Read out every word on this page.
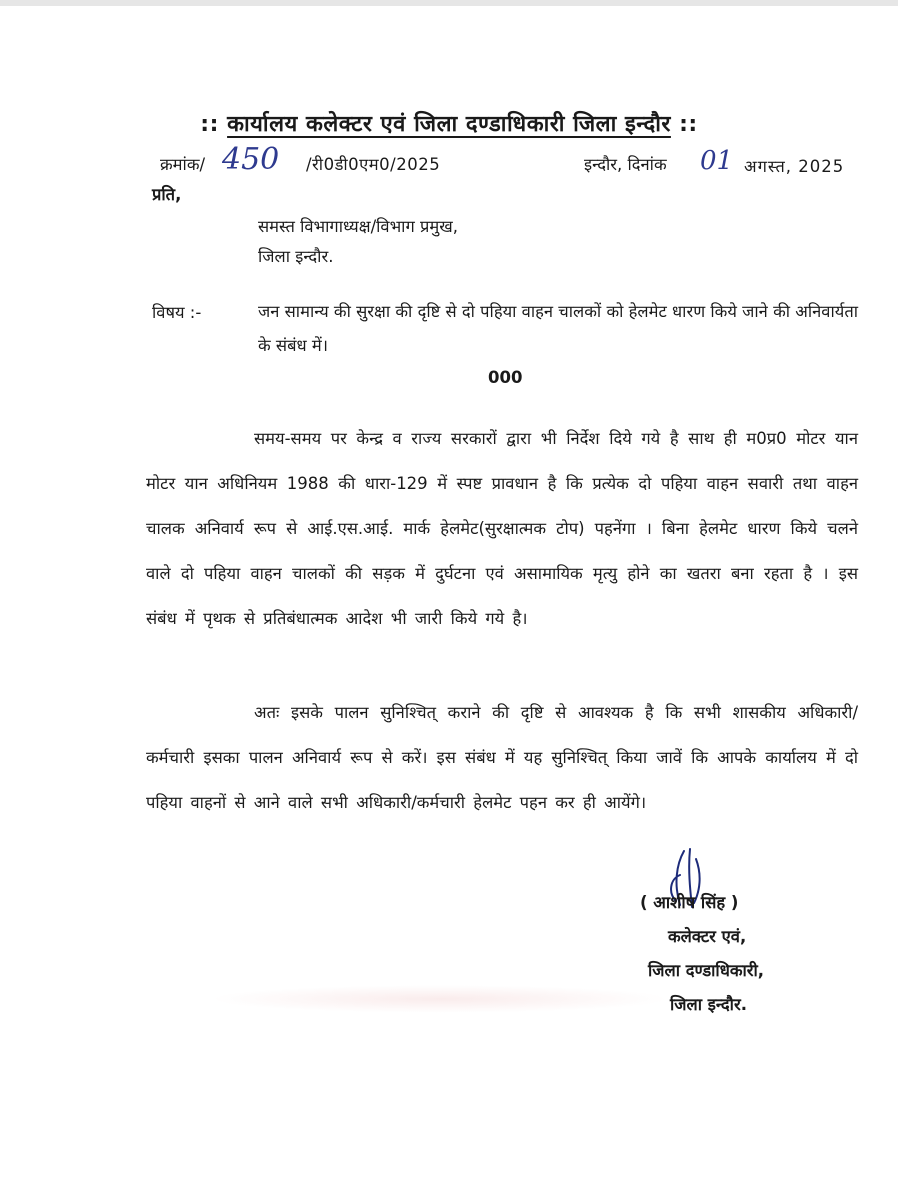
:: कार्यालय कलेक्टर एवं जिला दण्डाधिकारी जिला इन्दौर ::
क्रमांक/ 450 /री0डी0एम0/2025	इन्दौर, दिनांक 01 अगस्त, 2025
प्रति,
समस्त विभागाध्यक्ष/विभाग प्रमुख,
जिला इन्दौर.
विषय :-	जन सामान्य की सुरक्षा की दृष्टि से दो पहिया वाहन चालकों को हेलमेट धारण किये जाने की अनिवार्यता के संबंध में।
000
समय-समय पर केन्द्र व राज्य सरकारों द्वारा भी निर्देश दिये गये है साथ ही म0प्र0 मोटर यान मोटर यान अधिनियम 1988 की धारा-129 में स्पष्ट प्रावधान है कि प्रत्येक दो पहिया वाहन सवारी तथा वाहन चालक अनिवार्य रूप से आई.एस.आई. मार्क हेलमेट(सुरक्षात्मक टोप) पहनेंगा । बिना हेलमेट धारण किये चलने वाले दो पहिया वाहन चालकों की सड़क में दुर्घटना एवं असामायिक मृत्यु होने का खतरा बना रहता है । इस संबंध में पृथक से प्रतिबंधात्मक आदेश भी जारी किये गये है।
अतः इसके पालन सुनिश्चित् कराने की दृष्टि से आवश्यक है कि सभी शासकीय अधिकारी/कर्मचारी इसका पालन अनिवार्य रूप से करें। इस संबंध में यह सुनिश्चित् किया जावें कि आपके कार्यालय में दो पहिया वाहनों से आने वाले सभी अधिकारी/कर्मचारी हेलमेट पहन कर ही आयेंगे।
( आशीष सिंह )
कलेक्टर एवं,
जिला दण्डाधिकारी,
जिला इन्दौर.
